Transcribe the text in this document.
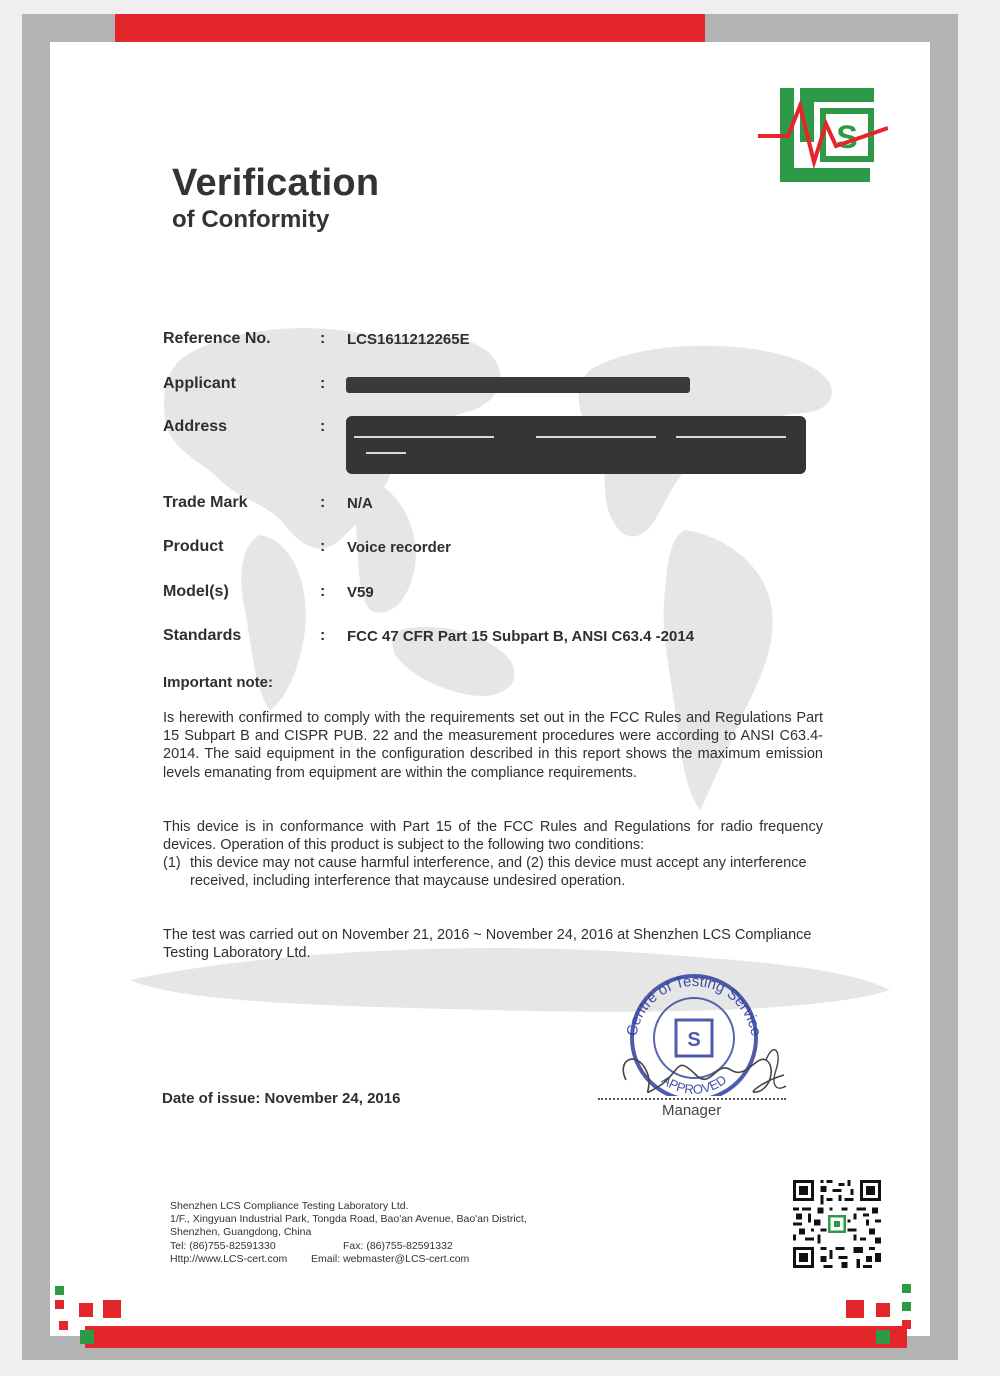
S
Verification
of Conformity
Reference No.	: LCS1611212265E
Applicant	:
Address	:
Trade Mark	: N/A
Product	: Voice recorder
Model(s)	: V59
Standards	: FCC 47 CFR Part 15 Subpart B, ANSI C63.4 -2014
Important note:

Is herewith confirmed to comply with the requirements set out in the FCC Rules and Regulations Part 15 Subpart B and CISPR PUB. 22 and the measurement procedures were according to ANSI C63.4-2014. The said equipment in the configuration described in this report shows the maximum emission levels emanating from equipment are within the compliance requirements.

This device is in conformance with Part 15 of the FCC Rules and Regulations for radio frequency devices. Operation of this product is subject to the following two conditions:

(1) this device may not cause harmful interference, and (2) this device must accept any interference received, including interference that maycause undesired operation.

The test was carried out on November 21, 2016 ~ November 24, 2016 at Shenzhen LCS Compliance Testing Laboratory Ltd.

Centre of Testing Service
APPROVED
S
Date of issue: November 24, 2016
Manager
Shenzhen LCS Compliance Testing Laboratory Ltd.
1/F., Xingyuan Industrial Park, Tongda Road, Bao'an Avenue, Bao'an District,
Shenzhen, Guangdong, China
Tel: (86)755-82591330	Fax: (86)755-82591332
Http://www.LCS-cert.com Email: webmaster@LCS-cert.com
